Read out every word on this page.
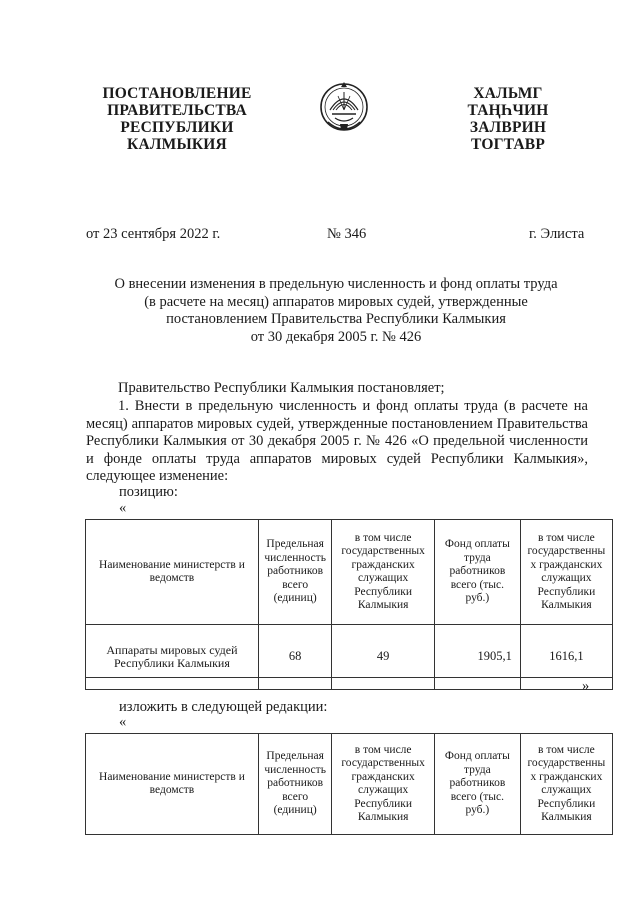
ПОСТАНОВЛЕНИЕ
ПРАВИТЕЛЬСТВА
РЕСПУБЛИКИ
КАЛМЫКИЯ
ХАЛЬМГ
ТАҢҺЧИН
ЗАЛВРИН
ТОГТАВР
от 23 сентября 2022 г.	№ 346	г. Элиста
О внесении изменения в предельную численность и фонд оплаты труда
(в расчете на месяц) аппаратов мировых судей, утвержденные
постановлением Правительства Республики Калмыкия
от 30 декабря 2005 г. № 426
Правительство Республики Калмыкия постановляет;
1. Внести в предельную численность и фонд оплаты труда (в расчете на месяц) аппаратов мировых судей, утвержденные постановлением Правительства Республики Калмыкия от 30 декабря 2005 г. № 426 «О предельной численности и фонде оплаты труда аппаратов мировых судей Республики Калмыкия», следующее изменение:
позицию:
«
Наименование министерств и ведомств	Предельная численность работников всего (единиц)	в том числе государственных гражданских служащих Республики Калмыкия	Фонд оплаты труда работников всего (тыс. руб.)	в том числе государственны х гражданских служащих Республики Калмыкия
Аппараты мировых судей Республики Калмыкия	68	49	1905,1	1616,1
»
изложить в следующей редакции:
«
Наименование министерств и ведомств	Предельная численность работников всего (единиц)	в том числе государственных гражданских служащих Республики Калмыкия	Фонд оплаты труда работников всего (тыс. руб.)	в том числе государственны х гражданских служащих Республики Калмыкия
